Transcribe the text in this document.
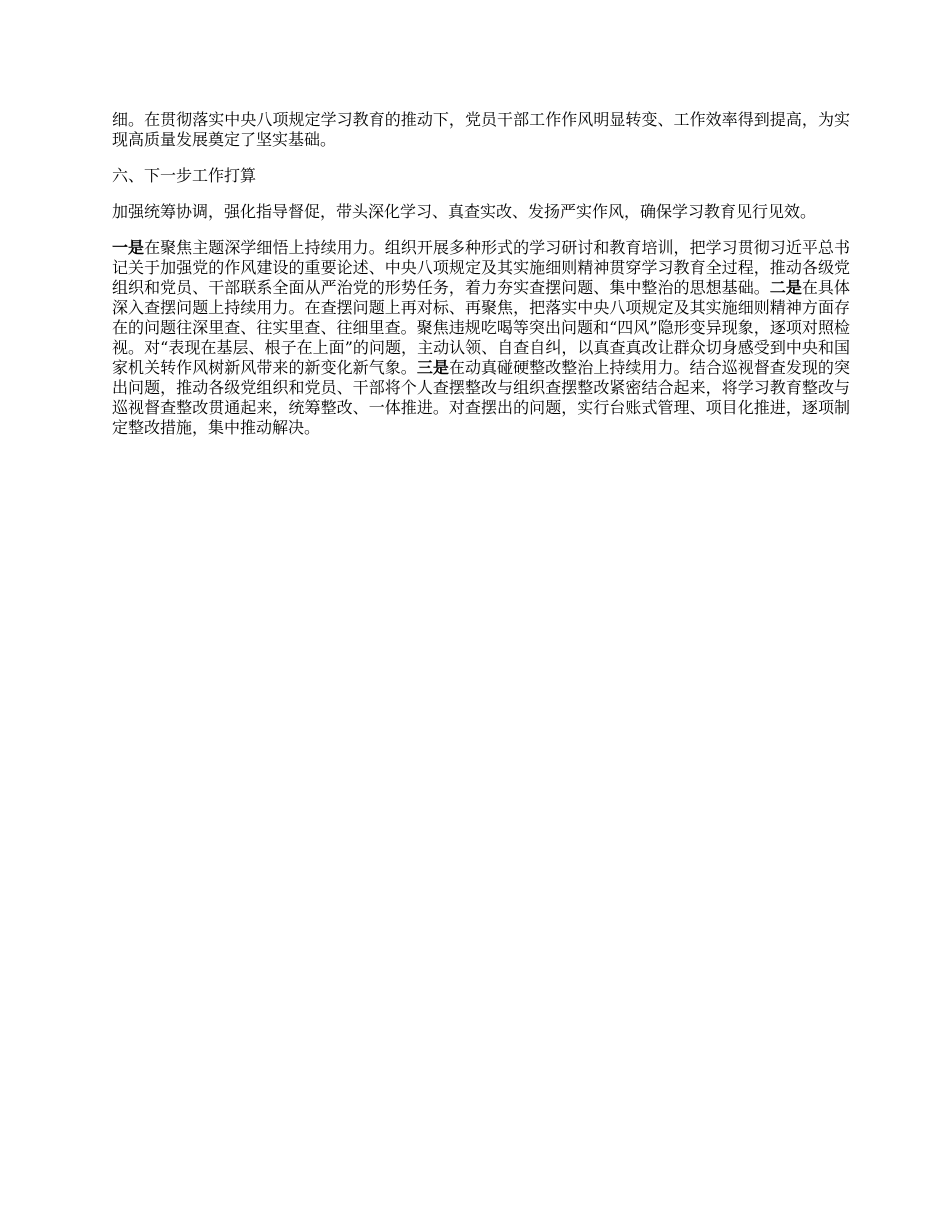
细。在贯彻落实中央八项规定学习教育的推动下，党员干部工作作风明显转变、工作效率得到提高，为实现高质量发展奠定了坚实基础。

六、下一步工作打算

加强统筹协调，强化指导督促，带头深化学习、真查实改、发扬严实作风，确保学习教育见行见效。

一是在聚焦主题深学细悟上持续用力。组织开展多种形式的学习研讨和教育培训，把学习贯彻习近平总书记关于加强党的作风建设的重要论述、中央八项规定及其实施细则精神贯穿学习教育全过程，推动各级党组织和党员、干部联系全面从严治党的形势任务，着力夯实查摆问题、集中整治的思想基础。二是在具体深入查摆问题上持续用力。在查摆问题上再对标、再聚焦，把落实中央八项规定及其实施细则精神方面存在的问题往深里查、往实里查、往细里查。聚焦违规吃喝等突出问题和“四风”隐形变异现象，逐项对照检视。对“表现在基层、根子在上面”的问题，主动认领、自查自纠，以真查真改让群众切身感受到中央和国家机关转作风树新风带来的新变化新气象。三是在动真碰硬整改整治上持续用力。结合巡视督查发现的突出问题，推动各级党组织和党员、干部将个人查摆整改与组织查摆整改紧密结合起来，将学习教育整改与巡视督查整改贯通起来，统筹整改、一体推进。对查摆出的问题，实行台账式管理、项目化推进，逐项制定整改措施，集中推动解决。
